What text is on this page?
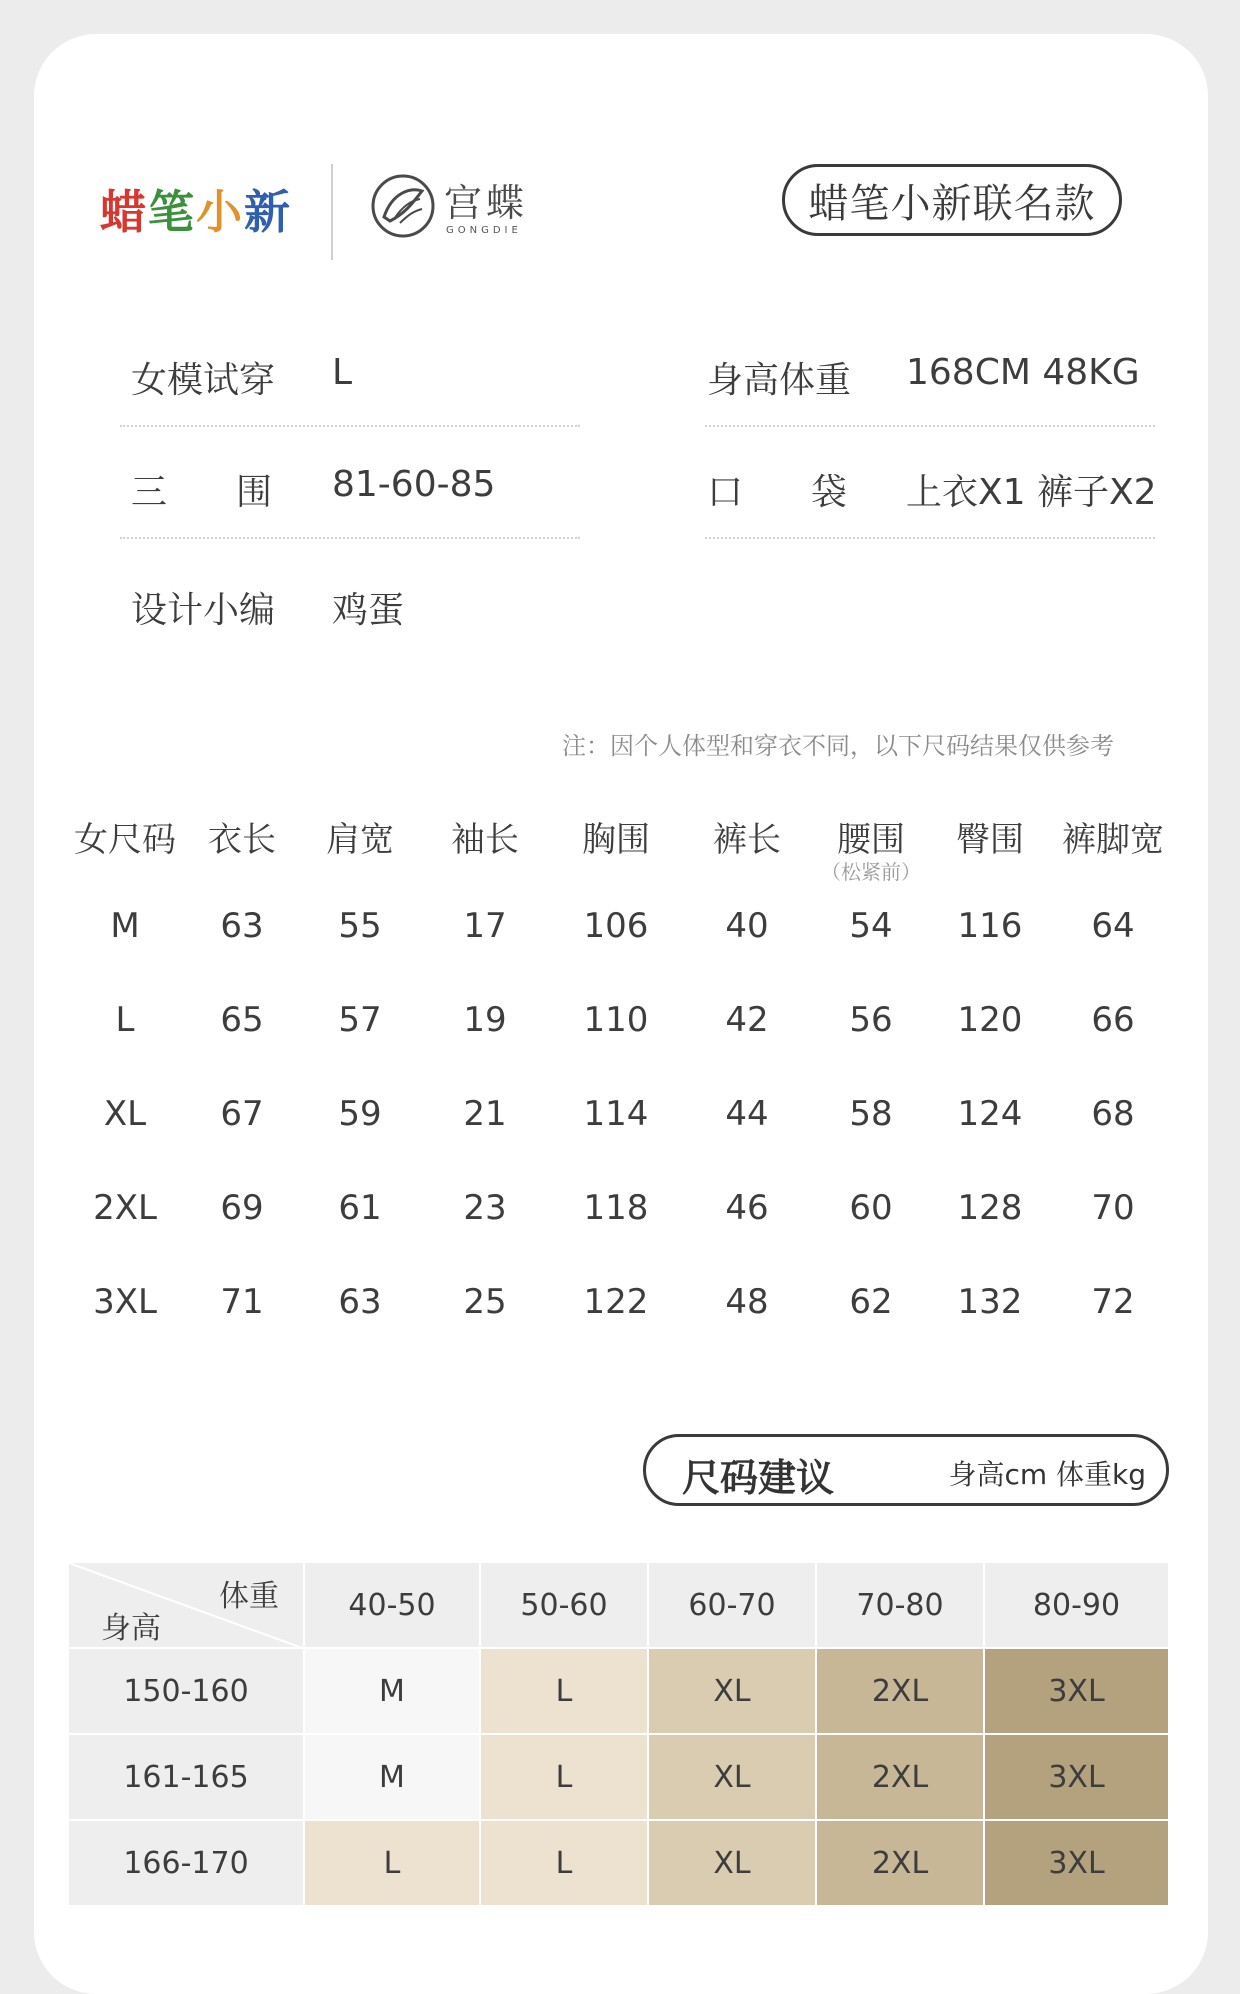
蜡笔小新	宫蝶
GONGDIE
蜡笔小新联名款
女模试穿 L	身高体重 168CM 48KG
三 围 81-60-85	口 袋 上衣X1 裤子X2
设计小编 鸡蛋
注：因个人体型和穿衣不同，以下尺码结果仅供参考
女尺码 衣长	肩宽	袖长	胸围	裤长	腰围	臀围	裤脚宽
（松紧前）
M	63	55	17	106	40	54	116	64
L	65	57	19	110	42	56	120	66
XL	67	59	21	114	44	58	124	68
2XL	69	61	23	118	46	60	128	70
3XL	71	63	25	122	48	62	132	72
尺码建议	身高cm 体重kg
体重
身高
40-50	50-60	60-70	70-80	80-90
150-160	M	L	XL	2XL	3XL
161-165	M	L	XL	2XL	3XL
166-170	L	L	XL	2XL	3XL
